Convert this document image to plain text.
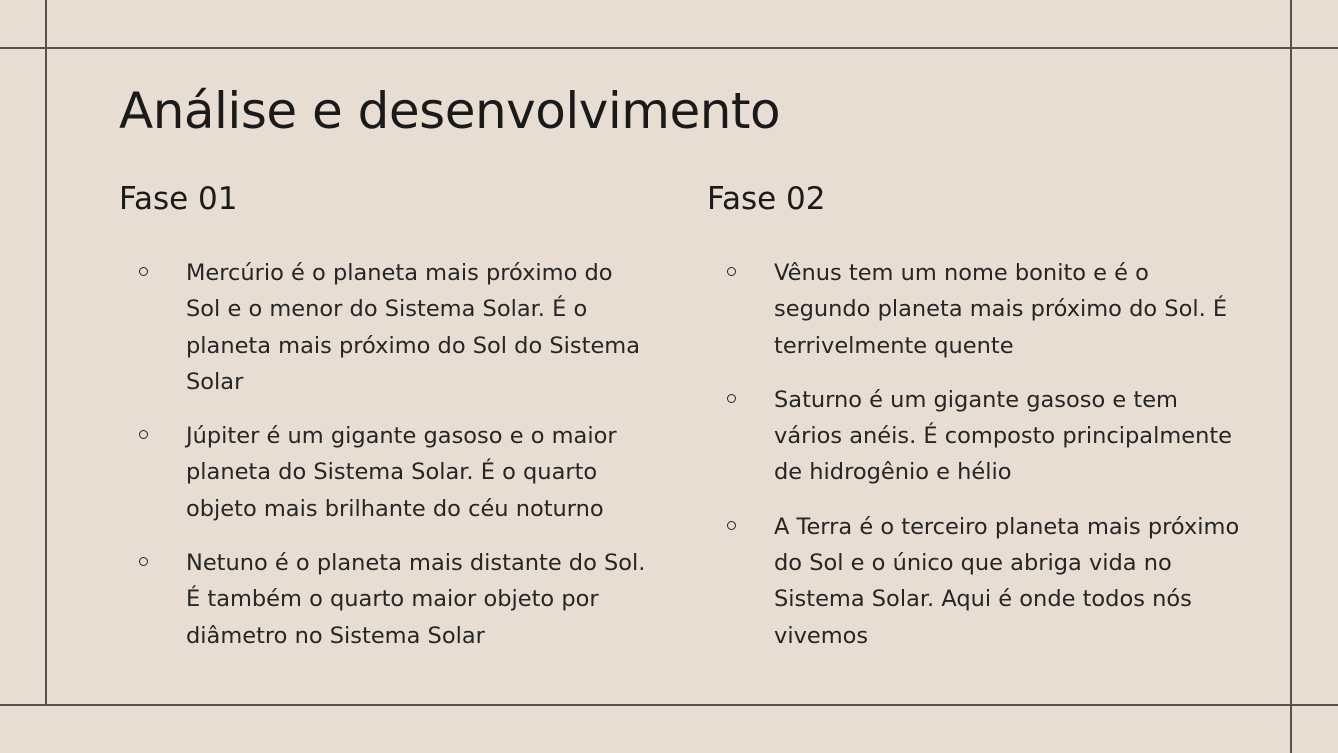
Análise e desenvolvimento
Fase 01
Mercúrio é o planeta mais próximo do Sol e o menor do Sistema Solar. É o planeta mais próximo do Sol do Sistema Solar
Júpiter é um gigante gasoso e o maior planeta do Sistema Solar. É o quarto objeto mais brilhante do céu noturno
Netuno é o planeta mais distante do Sol. É também o quarto maior objeto por diâmetro no Sistema Solar
Fase 02
Vênus tem um nome bonito e é o segundo planeta mais próximo do Sol. É terrivelmente quente
Saturno é um gigante gasoso e tem vários anéis. É composto principalmente de hidrogênio e hélio
A Terra é o terceiro planeta mais próximo do Sol e o único que abriga vida no Sistema Solar. Aqui é onde todos nós vivemos
